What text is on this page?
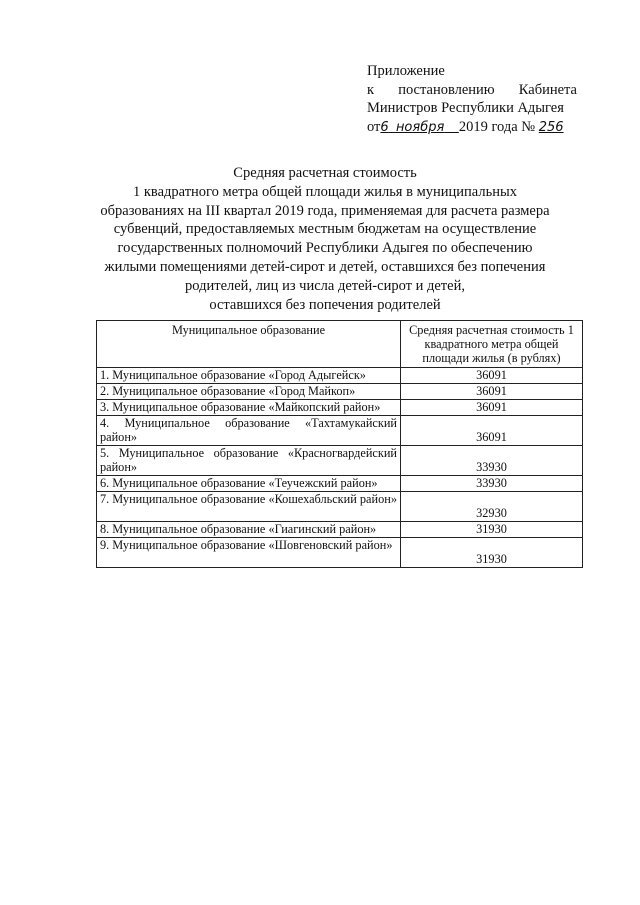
Приложение
к постановлению Кабинета
Министров Республики Адыгея
от6 ноября 2019 года № 256
Средняя расчетная стоимость
1 квадратного метра общей площади жилья в муниципальных
образованиях на III квартал 2019 года, применяемая для расчета размера
субвенций, предоставляемых местным бюджетам на осуществление
государственных полномочий Республики Адыгея по обеспечению
жилыми помещениями детей-сирот и детей, оставшихся без попечения
родителей, лиц из числа детей-сирот и детей,
оставшихся без попечения родителей
Муниципальное образование	Средняя расчетная стоимость 1 квадратного метра общей площади жилья (в рублях)

1. Муниципальное образование «Город Адыгейск»	36091

2. Муниципальное образование «Город Майкоп»	36091

3. Муниципальное образование «Майкопский район»	36091

4. Муниципальное образование «Тахтамукайский район»	36091

5. Муниципальное образование «Красногвардейский район»	33930

6. Муниципальное образование «Теучежский район»	33930

7. Муниципальное образование «Кошехабльский район»	32930

8. Муниципальное образование «Гиагинский район»	31930

9. Муниципальное образование «Шовгеновский район»	31930
